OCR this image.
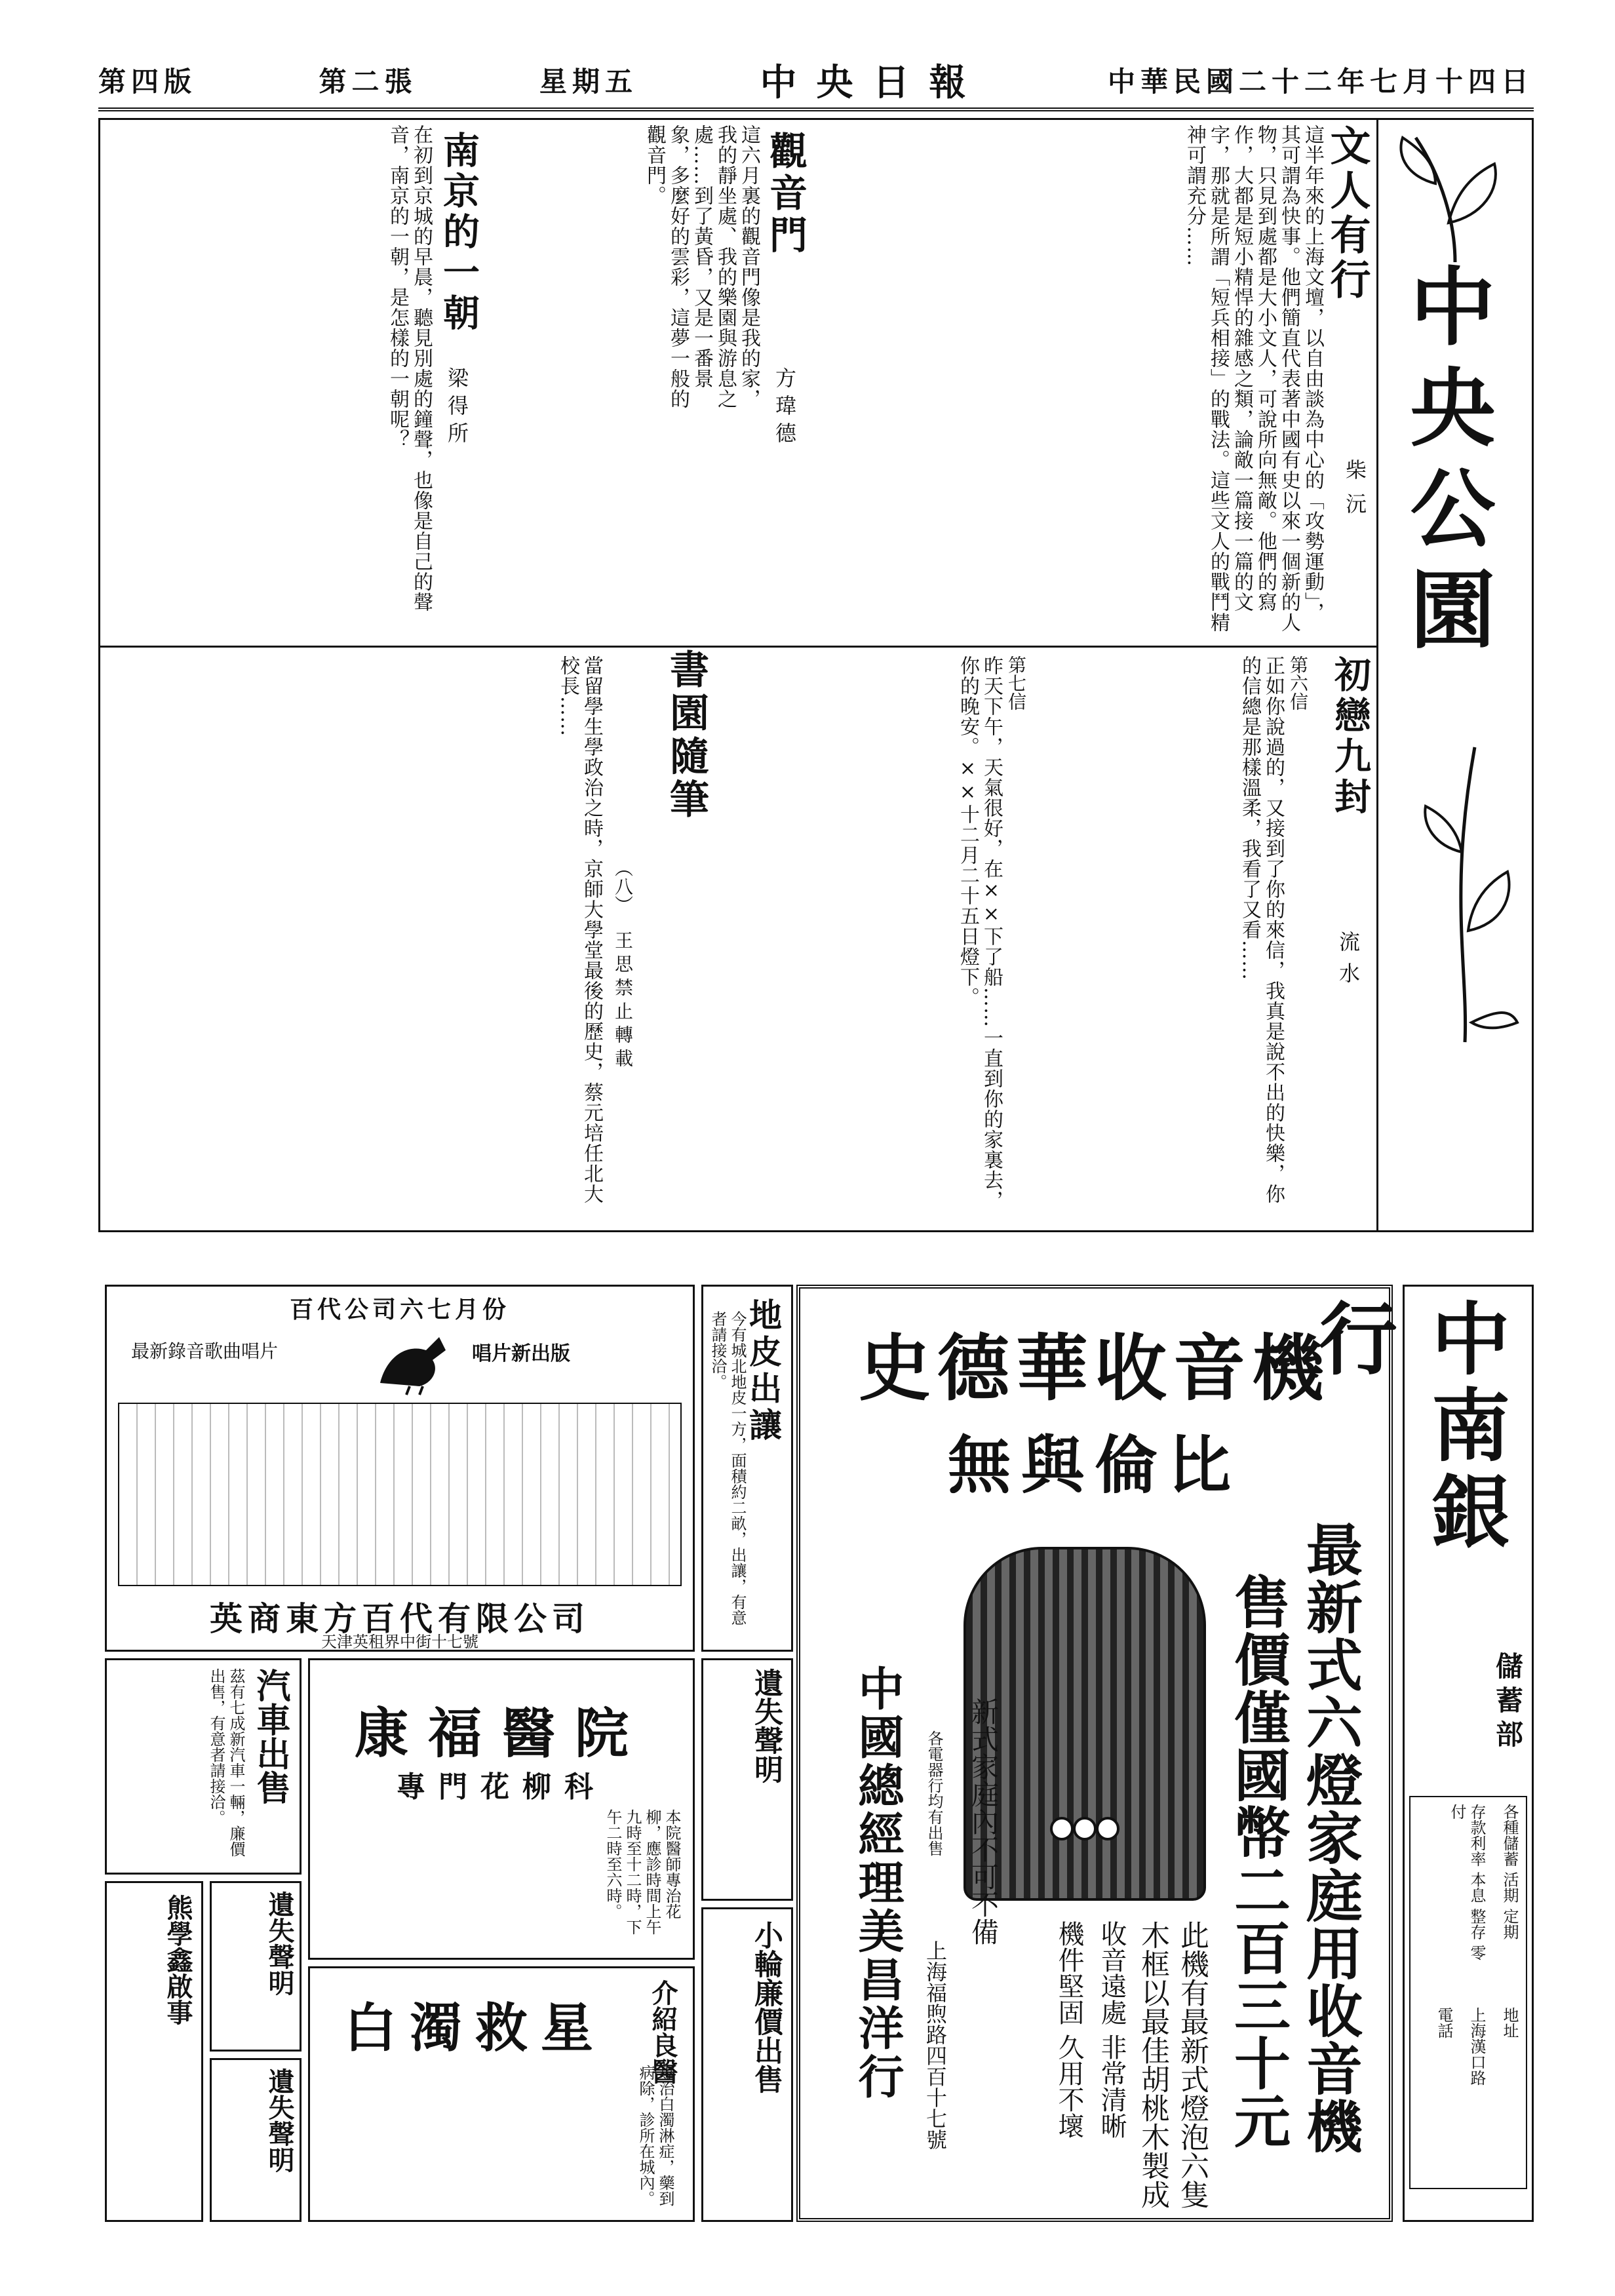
第四版	第二張	星期五	中央日報	中華民國二十二年七月十四日
中央公園
文人有行
柴沅
這半年來的上海文壇，以自由談為中心的「攻勢運動」，其可謂為快事。他們簡直代表著中國有史以來一個新的人物，只見到處都是大小文人，可說所向無敵。他們的寫作，大都是短小精悍的雜感之類，論敵一篇接一篇的文字，那就是所謂「短兵相接」的戰法。這些文人的戰鬥精神可謂充分……
觀音門
方瑋德
這六月裏的觀音門像是我的家，我的靜坐處、我的樂園與游息之處……到了黃昏，又是一番景象，多麼好的雲彩，這夢一般的觀音門。
南京的一朝
梁得所
在初到京城的早晨，聽見別處的鐘聲，也像是自己的聲音，南京的一朝，是怎樣的一朝呢？
初戀九封
流水
第六信
正如你說過的，又接到了你的來信，我真是說不出的快樂，你的信總是那樣溫柔，我看了又看……
第七信
昨天下午，天氣很好，在××下了船……一直到你的家裏去，你的晚安。××十二月二十五日燈下。
書園隨筆
（八）
王思禁止轉載
當留學生學政治之時，京師大學堂最後的歷史，蔡元培任北大校長……
中南銀行
儲蓄部
各種儲蓄 活期 定期
存款利率 本息 整存 零付
地址
上海漢口路
電話
史德華收音機
無與倫比
最新式六燈家庭用收音機
售價僅國幣二百三十元
此機有最新式燈泡六隻
木框以最佳胡桃木製成
收音遠處 非常清晰
機件堅固 久用不壞
新式家庭內不可不備
各電器行均有出售
中國總經理美昌洋行 上海福煦路四百十七號
地皮出讓
今有城北地皮一方，面積約二畝，出讓，有意者請接洽。
百代公司六七月份
唱片新出版
最新錄音歌曲唱片
英商東方百代有限公司
天津英租界中街十七號
康福醫院
專門花柳科
本院醫師專治花柳，應診時間上午九時至十二時，下午二時至六時。
白濁救星	介紹良醫
專治白濁淋症，藥到病除，診所在城內。
汽車出售
茲有七成新汽車一輛，廉價出售，有意者請接洽。	遺失聲明
小輪廉價出售
熊學鑫啟事	遺失聲明
遺失聲明
